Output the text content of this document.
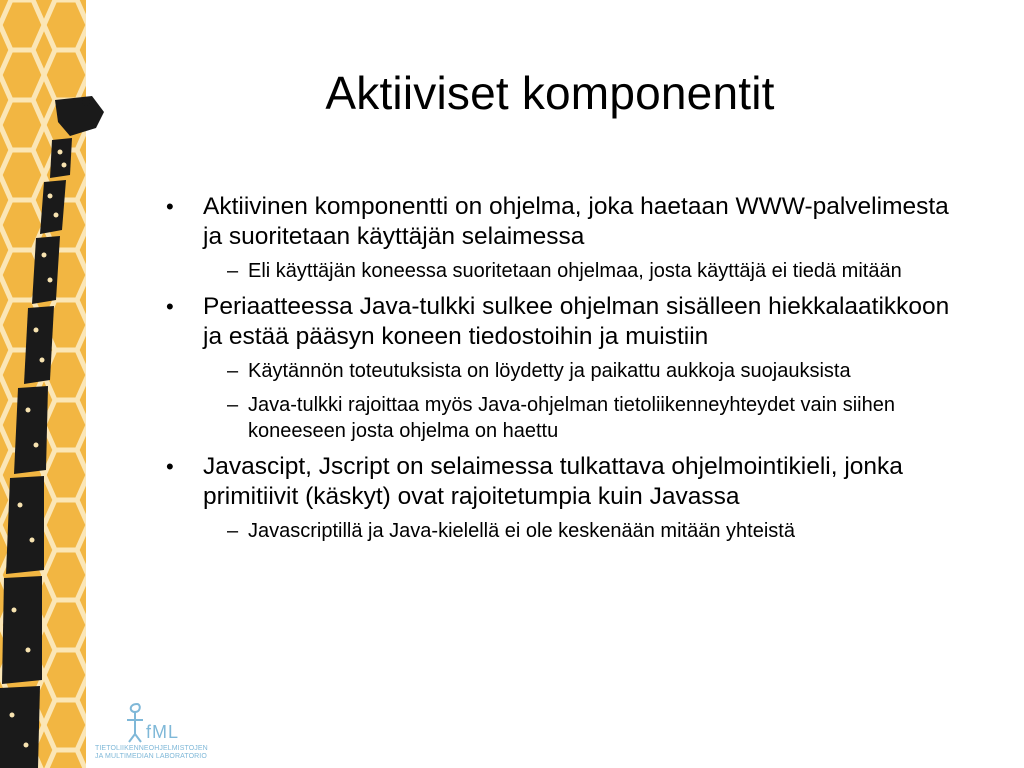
Aktiiviset komponentit
• Aktiivinen komponentti on ohjelma, joka haetaan WWW-palvelimesta ja suoritetaan käyttäjän selaimessa
– Eli käyttäjän koneessa suoritetaan ohjelmaa, josta käyttäjä ei tiedä mitään
• Periaatteessa Java-tulkki sulkee ohjelman sisälleen hiekkalaatikkoon ja estää pääsyn koneen tiedostoihin ja muistiin
– Käytännön toteutuksista on löydetty ja paikattu aukkoja suojauksista
– Java-tulkki rajoittaa myös Java-ohjelman tietoliikenneyhteydet vain siihen koneeseen josta ohjelma on haettu
• Javascipt, Jscript on selaimessa tulkattava ohjelmointikieli, jonka primitiivit (käskyt) ovat rajoitetumpia kuin Javassa
– Javascriptillä ja Java-kielellä ei ole keskenään mitään yhteistä
TIETOLIIKENNEOHJELMISTOJEN
JA MULTIMEDIAN LABORATORIO
fML
